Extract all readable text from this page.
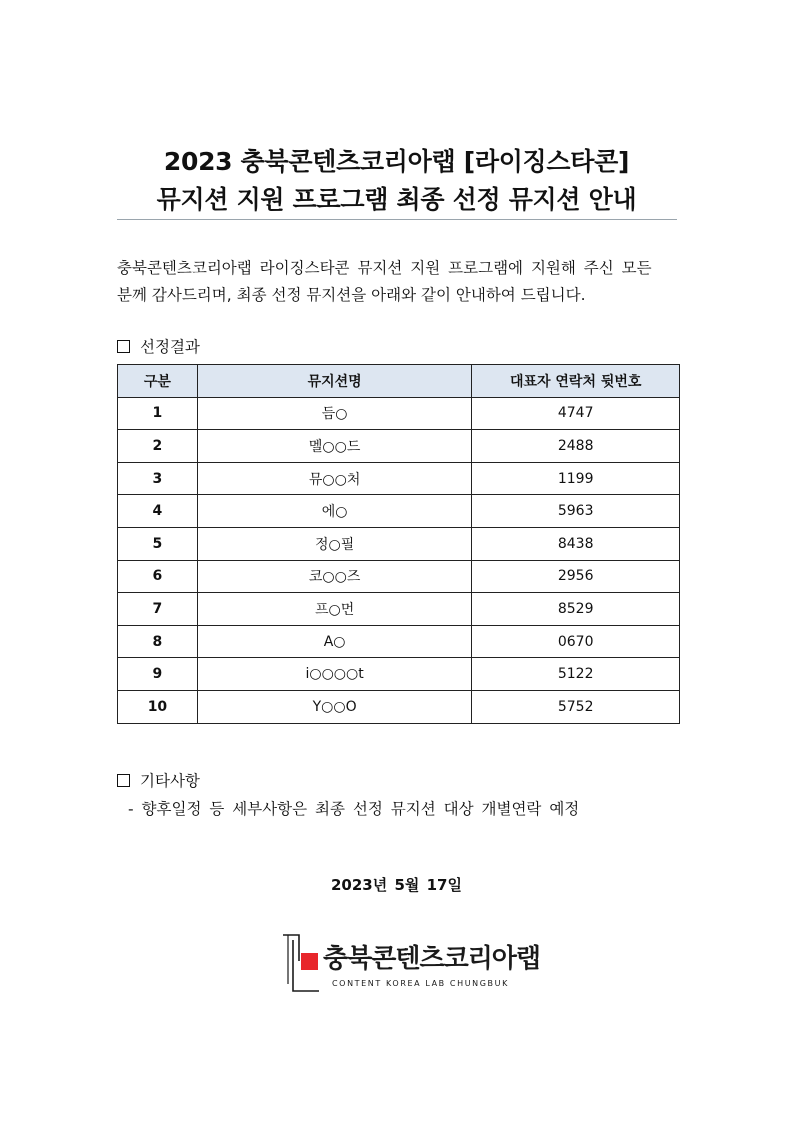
2023 충북콘텐츠코리아랩 [라이징스타콘]
뮤지션 지원 프로그램 최종 선정 뮤지션 안내
충북콘텐츠코리아랩 라이징스타콘 뮤지션 지원 프로그램에 지원해 주신 모든
분께 감사드리며, 최종 선정 뮤지션을 아래와 같이 안내하여 드립니다.
선정결과
구분	뮤지션명	대표자 연락처 뒷번호
1	듬○	4747
2	멜○○드	2488
3	뮤○○처	1199
4	에○	5963
5	정○필	8438
6	코○○즈	2956
7	프○먼	8529
8	A○	0670
9	i○○○○t	5122
10	Y○○O	5752
기타사항
- 향후일정 등 세부사항은 최종 선정 뮤지션 대상 개별연락 예정
2023년 5월 17일
충북콘텐츠코리아랩
CONTENT KOREA LAB CHUNGBUK
